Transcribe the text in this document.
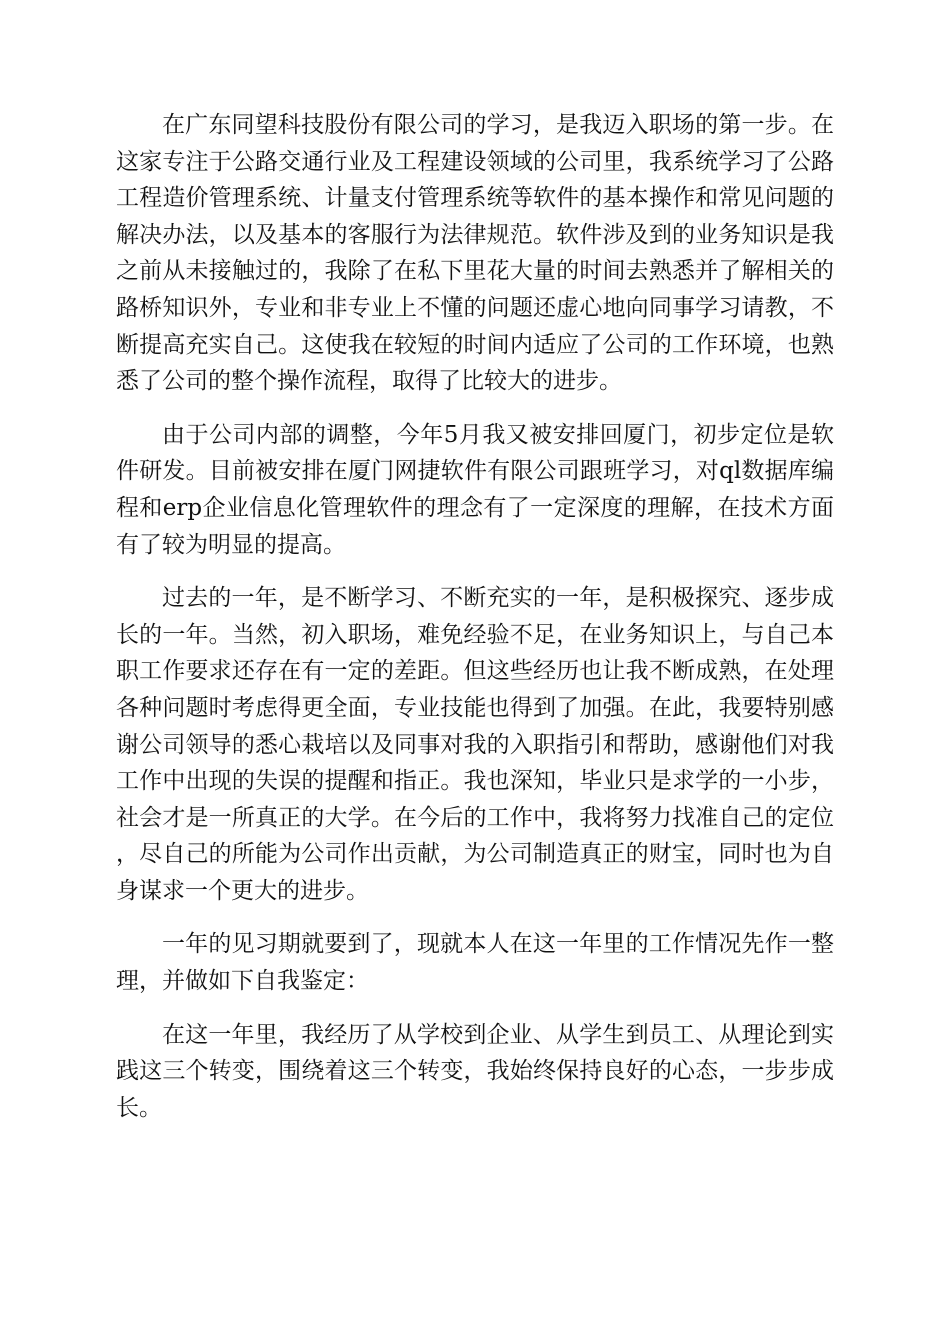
在广东同望科技股份有限公司的学习，是我迈入职场的第一步。在这家专注于公路交通行业及工程建设领域的公司里，我系统学习了公路工程造价管理系统、计量支付管理系统等软件的基本操作和常见问题的解决办法，以及基本的客服行为法律规范。软件涉及到的业务知识是我之前从未接触过的，我除了在私下里花大量的时间去熟悉并了解相关的路桥知识外，专业和非专业上不懂的问题还虚心地向同事学习请教，不断提高充实自己。这使我在较短的时间内适应了公司的工作环境，也熟悉了公司的整个操作流程，取得了比较大的进步。

由于公司内部的调整，今年5月我又被安排回厦门，初步定位是软件研发。目前被安排在厦门网捷软件有限公司跟班学习，对ql数据库编程和erp企业信息化管理软件的理念有了一定深度的理解，在技术方面有了较为明显的提高。

过去的一年，是不断学习、不断充实的一年，是积极探究、逐步成长的一年。当然，初入职场，难免经验不足，在业务知识上，与自己本职工作要求还存在有一定的差距。但这些经历也让我不断成熟，在处理各种问题时考虑得更全面，专业技能也得到了加强。在此，我要特别感谢公司领导的悉心栽培以及同事对我的入职指引和帮助，感谢他们对我工作中出现的失误的提醒和指正。我也深知，毕业只是求学的一小步，社会才是一所真正的大学。在今后的工作中，我将努力找准自己的定位，尽自己的所能为公司作出贡献，为公司制造真正的财宝，同时也为自身谋求一个更大的进步。

一年的见习期就要到了，现就本人在这一年里的工作情况先作一整理，并做如下自我鉴定：

在这一年里，我经历了从学校到企业、从学生到员工、从理论到实践这三个转变，围绕着这三个转变，我始终保持良好的心态，一步步成长。
